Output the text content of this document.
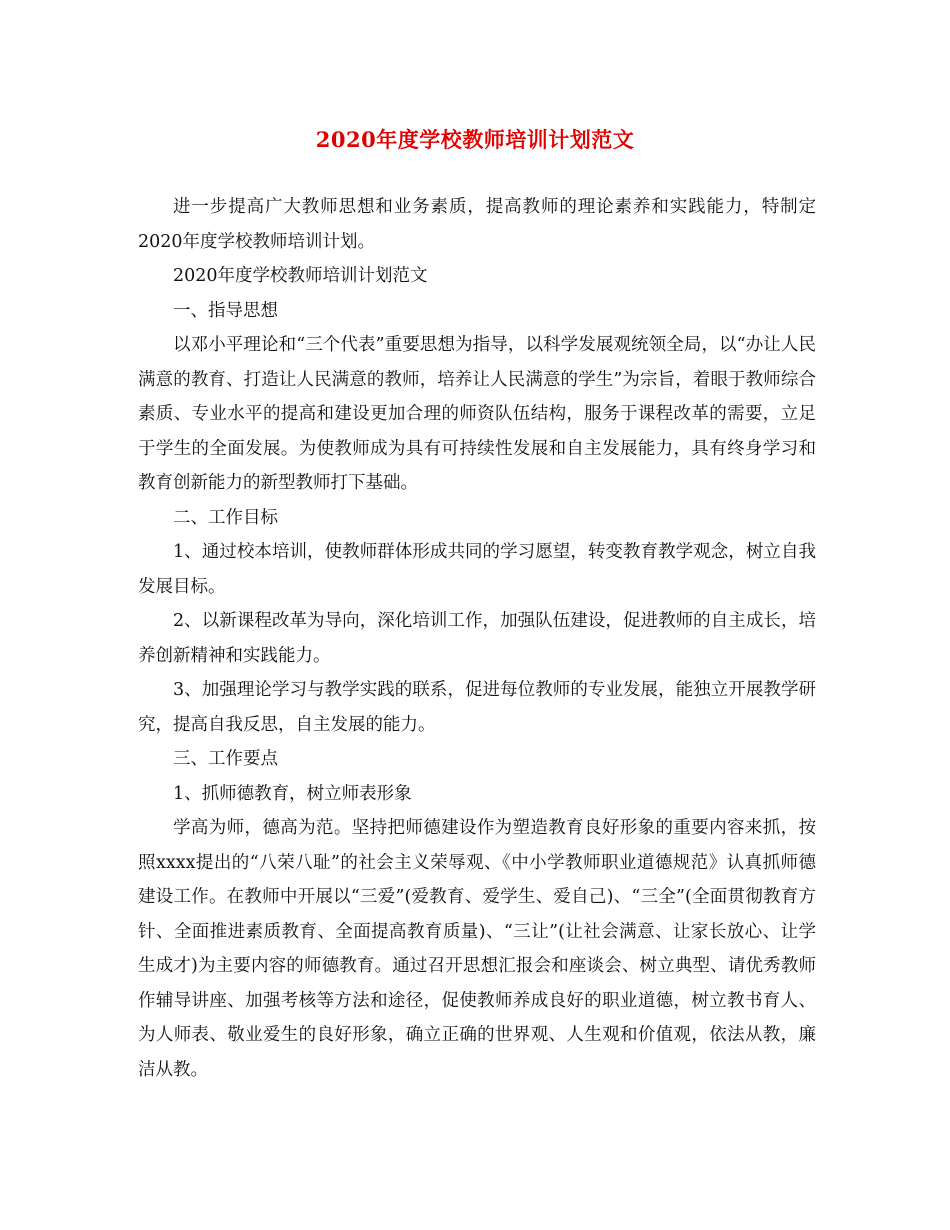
2020年度学校教师培训计划范文

进一步提高广大教师思想和业务素质，提高教师的理论素养和实践能力，特制定　2020年度学校教师培训计划。

2020年度学校教师培训计划范文

一、指导思想

以邓小平理论和“三个代表”重要思想为指导，以科学发展观统领全局，以“办让人民满意的教育、打造让人民满意的教师，培养让人民满意的学生”为宗旨，着眼于教师综合素质、专业水平的提高和建设更加合理的师资队伍结构，服务于课程改革的需要，立足于学生的全面发展。为使教师成为具有可持续性发展和自主发展能力，具有终身学习和教育创新能力的新型教师打下基础。

二、工作目标

1、通过校本培训，使教师群体形成共同的学习愿望，转变教育教学观念，树立自我发展目标。

2、以新课程改革为导向，深化培训工作，加强队伍建设，促进教师的自主成长，培养创新精神和实践能力。

3、加强理论学习与教学实践的联系，促进每位教师的专业发展，能独立开展教学研究，提高自我反思，自主发展的能力。

三、工作要点

1、抓师德教育，树立师表形象

学高为师，德高为范。坚持把师德建设作为塑造教育良好形象的重要内容来抓，按照xxxx提出的“八荣八耻”的社会主义荣辱观、《中小学教师职业道德规范》认真抓师德建设工作。在教师中开展以“三爱”(爱教育、爱学生、爱自己)、“三全”(全面贯彻教育方针、全面推进素质教育、全面提高教育质量)、“三让”(让社会满意、让家长放心、让学生成才)为主要内容的师德教育。通过召开思想汇报会和座谈会、树立典型、请优秀教师作辅导讲座、加强考核等方法和途径，促使教师养成良好的职业道德，树立教书育人、为人师表、敬业爱生的良好形象，确立正确的世界观、人生观和价值观，依法从教，廉洁从教。
